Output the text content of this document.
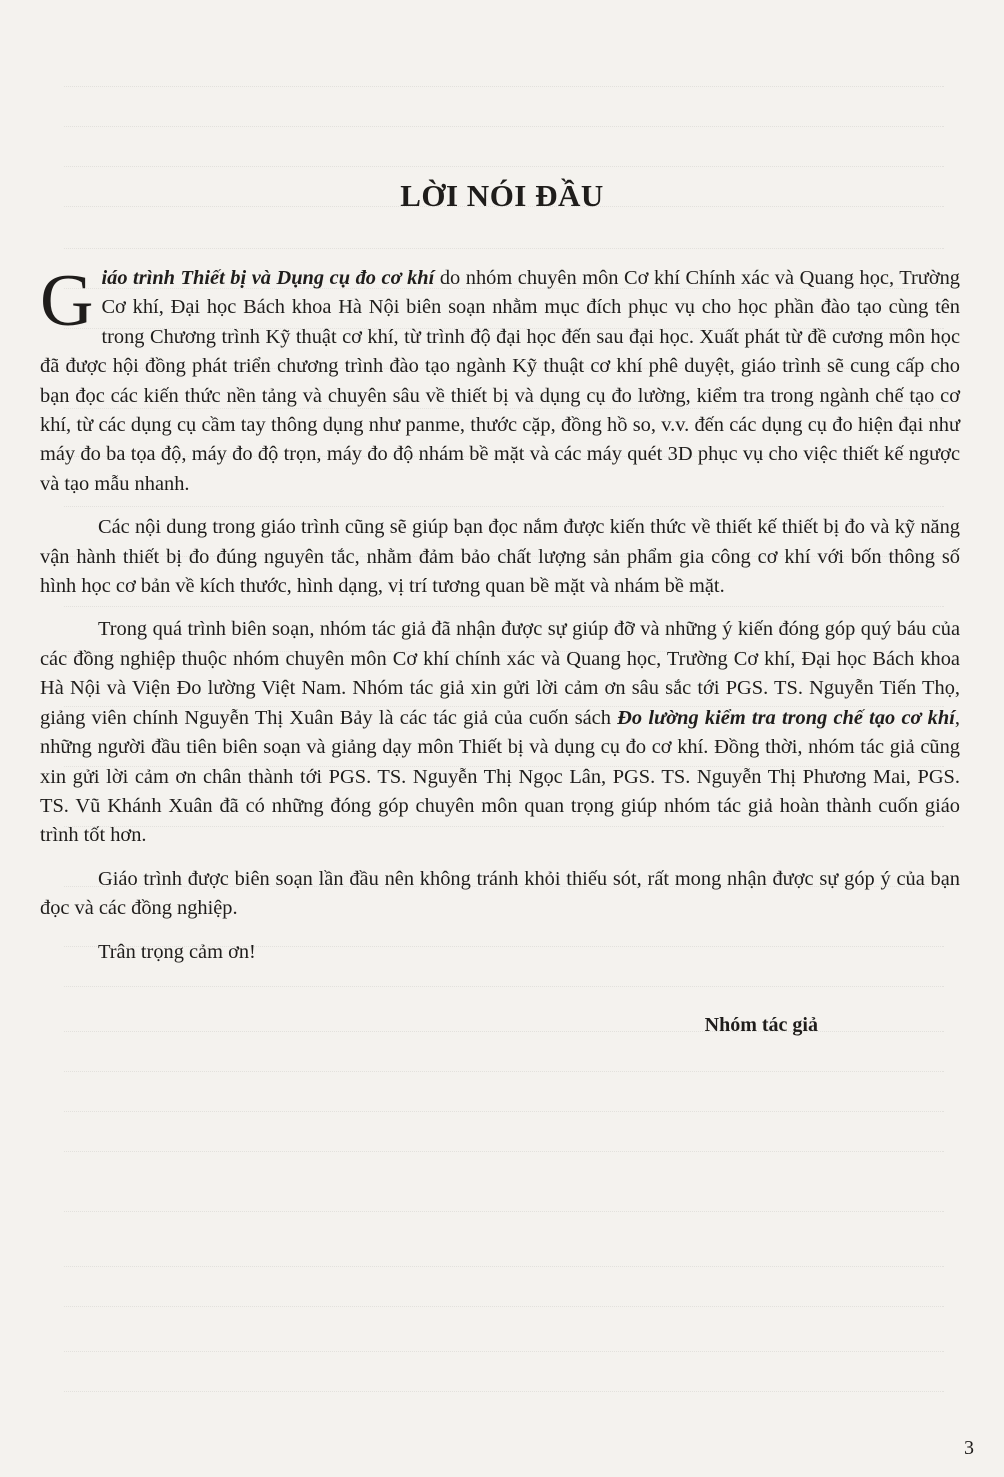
LỜI NÓI ĐẦU

Giáo trình Thiết bị và Dụng cụ đo cơ khí do nhóm chuyên môn Cơ khí Chính xác và Quang học, Trường Cơ khí, Đại học Bách khoa Hà Nội biên soạn nhằm mục đích phục vụ cho học phần đào tạo cùng tên trong Chương trình Kỹ thuật cơ khí, từ trình độ đại học đến sau đại học. Xuất phát từ đề cương môn học đã được hội đồng phát triển chương trình đào tạo ngành Kỹ thuật cơ khí phê duyệt, giáo trình sẽ cung cấp cho bạn đọc các kiến thức nền tảng và chuyên sâu về thiết bị và dụng cụ đo lường, kiểm tra trong ngành chế tạo cơ khí, từ các dụng cụ cầm tay thông dụng như panme, thước cặp, đồng hồ so, v.v. đến các dụng cụ đo hiện đại như máy đo ba tọa độ, máy đo độ trọn, máy đo độ nhám bề mặt và các máy quét 3D phục vụ cho việc thiết kế ngược và tạo mẫu nhanh.

Các nội dung trong giáo trình cũng sẽ giúp bạn đọc nắm được kiến thức về thiết kế thiết bị đo và kỹ năng vận hành thiết bị đo đúng nguyên tắc, nhằm đảm bảo chất lượng sản phẩm gia công cơ khí với bốn thông số hình học cơ bản về kích thước, hình dạng, vị trí tương quan bề mặt và nhám bề mặt.

Trong quá trình biên soạn, nhóm tác giả đã nhận được sự giúp đỡ và những ý kiến đóng góp quý báu của các đồng nghiệp thuộc nhóm chuyên môn Cơ khí chính xác và Quang học, Trường Cơ khí, Đại học Bách khoa Hà Nội và Viện Đo lường Việt Nam. Nhóm tác giả xin gửi lời cảm ơn sâu sắc tới PGS. TS. Nguyễn Tiến Thọ, giảng viên chính Nguyễn Thị Xuân Bảy là các tác giả của cuốn sách Đo lường kiểm tra trong chế tạo cơ khí, những người đầu tiên biên soạn và giảng dạy môn Thiết bị và dụng cụ đo cơ khí. Đồng thời, nhóm tác giả cũng xin gửi lời cảm ơn chân thành tới PGS. TS. Nguyễn Thị Ngọc Lân, PGS. TS. Nguyễn Thị Phương Mai, PGS. TS. Vũ Khánh Xuân đã có những đóng góp chuyên môn quan trọng giúp nhóm tác giả hoàn thành cuốn giáo trình tốt hơn.

Giáo trình được biên soạn lần đầu nên không tránh khỏi thiếu sót, rất mong nhận được sự góp ý của bạn đọc và các đồng nghiệp.

Trân trọng cảm ơn!

Nhóm tác giả
3
